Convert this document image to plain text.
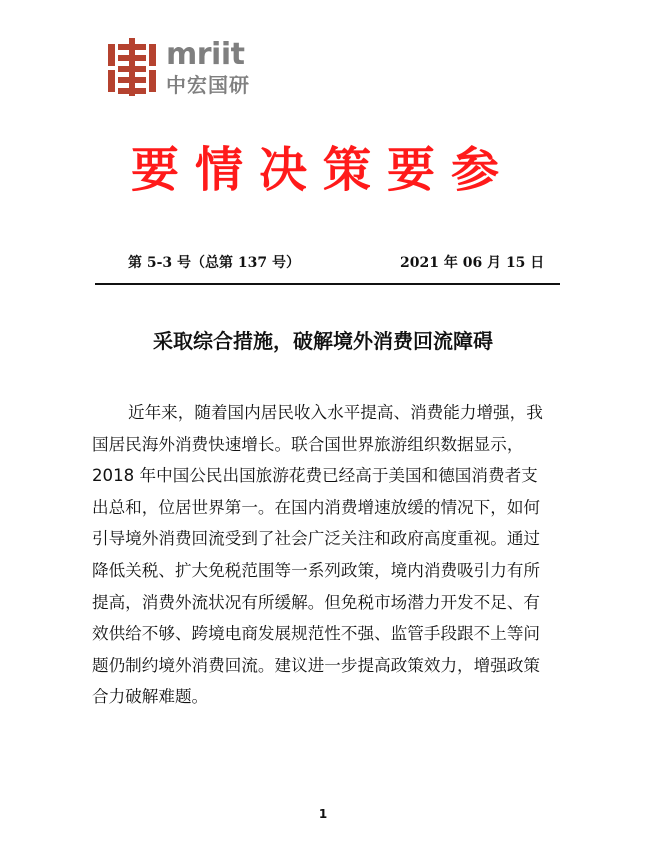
mriit
中宏国研
要情决策要参
第 5-3 号（总第 137 号）	2021 年 06 月 15 日
采取综合措施，破解境外消费回流障碍
近年来，随着国内居民收入水平提高、消费能力增强，我
国居民海外消费快速增长。联合国世界旅游组织数据显示，
2018 年中国公民出国旅游花费已经高于美国和德国消费者支
出总和，位居世界第一。在国内消费增速放缓的情况下，如何
引导境外消费回流受到了社会广泛关注和政府高度重视。通过
降低关税、扩大免税范围等一系列政策，境内消费吸引力有所
提高，消费外流状况有所缓解。但免税市场潜力开发不足、有
效供给不够、跨境电商发展规范性不强、监管手段跟不上等问
题仍制约境外消费回流。建议进一步提高政策效力，增强政策
合力破解难题。
1
